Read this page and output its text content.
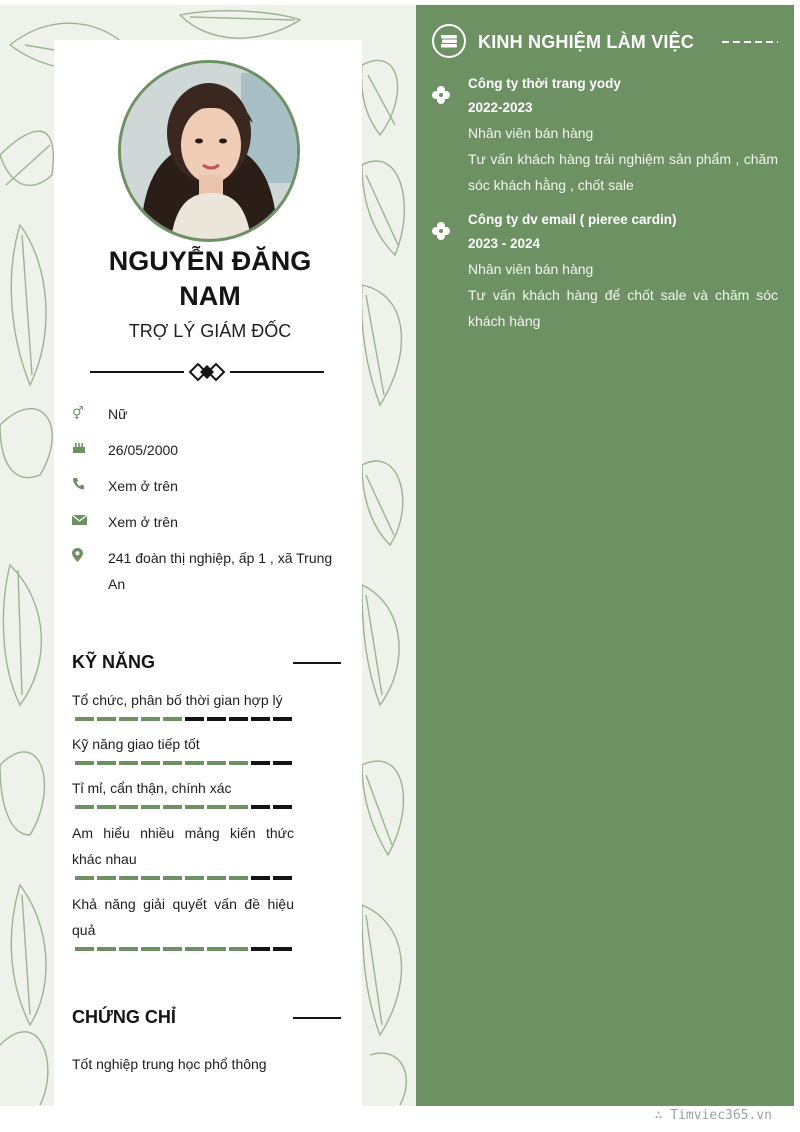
NGUYỄN ĐĂNG NAM
TRỢ LÝ GIÁM ĐỐC
⚥	Nữ
26/05/2000
Xem ở trên
Xem ở trên
241 đoàn thị nghiệp, ấp 1 , xã Trung An
KỸ NĂNG
Tổ chức, phân bố thời gian hợp lý
Kỹ năng giao tiếp tốt
Tỉ mỉ, cẩn thận, chính xác
Am hiểu nhiều mảng kiến thức khác nhau
Khả năng giải quyết vấn đề hiệu quả
CHỨNG CHỈ
Tốt nghiệp trung học phổ thông
KINH NGHIỆM LÀM VIỆC
Công ty thời trang yody
2022-2023
Nhân viên bán hàng
Tư vấn khách hàng trải nghiệm sản phẩm , chăm sóc khách hằng , chốt sale
Công ty dv email ( pieree cardin)
2023 - 2024
Nhân viên bán hàng
Tư vấn khách hàng để chốt sale và chăm sóc khách hàng
∴ Timviec365.vn
